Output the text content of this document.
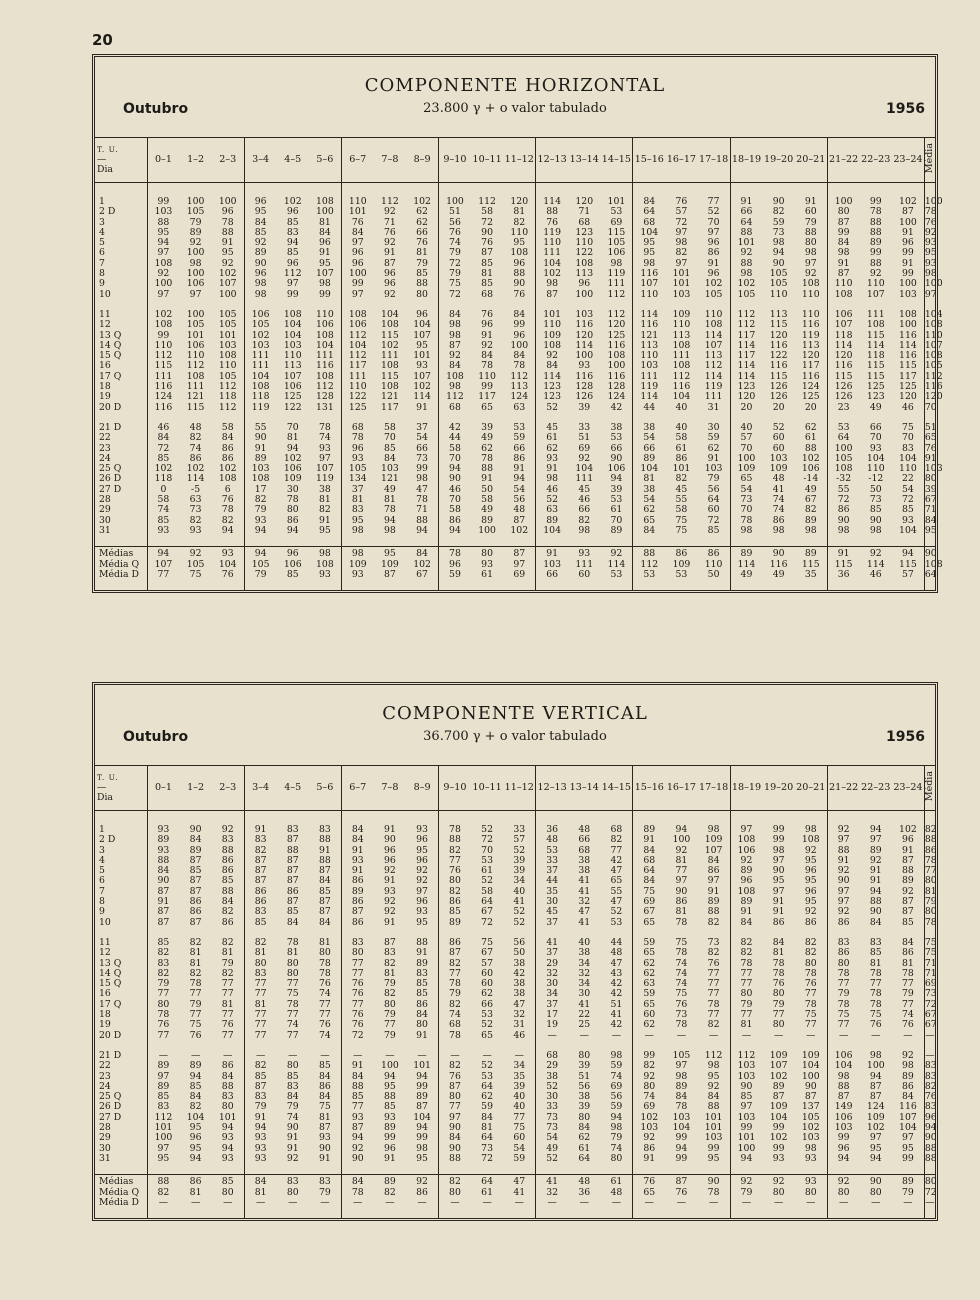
20
COMPONENTE HORIZONTAL
Outubro	23.800 γ + o valor tabulado	1956
T. U.
—
Dia	0–1	1–2	2–3	3–4	4–5	5–6	6–7	7–8	8–9	9–10	10–11	11–12	12–13	13–14	14–15	15–16	16–17	17–18	18–19	19–20	20–21	21–22	22–23	23–24	Média

1	99	100	100	96	102	108	110	112	102	100	112	120	114	120	101	84	76	77	91	90	91	100	99	102	100
2 D	103	105	96	95	96	100	101	92	62	51	58	81	88	71	53	64	57	52	66	82	60	80	78	87	78
3	88	79	78	84	85	81	76	71	62	56	72	82	76	68	69	68	72	70	64	59	79	87	88	100	76
4	95	89	88	85	83	84	84	76	66	76	90	110	119	123	115	104	97	97	88	73	88	99	88	91	92
5	94	92	91	92	94	96	97	92	76	74	76	95	110	110	105	95	98	96	101	98	80	84	89	96	93
6	97	100	95	89	85	91	96	91	81	79	87	108	111	122	106	95	82	86	92	94	98	98	99	99	95
7	108	98	92	90	96	95	96	87	79	72	85	96	104	108	98	98	97	91	88	90	97	91	88	91	93
8	92	100	102	96	112	107	100	96	85	79	81	88	102	113	119	116	101	96	98	105	92	87	92	99	98
9	100	106	107	98	97	98	99	96	88	75	85	90	98	96	111	107	101	102	102	105	108	110	110	100	100
10	97	97	100	98	99	99	97	92	80	72	68	76	87	100	112	110	103	105	105	110	110	108	107	103	97

11	102	100	105	106	108	110	108	104	96	84	76	84	101	103	112	114	109	110	112	113	110	106	111	108	104
12	108	105	105	105	104	106	106	108	104	98	96	99	110	116	120	116	110	108	112	115	116	107	108	100	108
13 Q	99	101	101	102	104	108	112	115	107	98	91	96	109	120	125	121	113	114	117	120	119	118	115	116	110
14 Q	110	106	103	103	103	104	104	102	95	87	92	100	108	114	116	113	108	107	114	116	113	114	114	114	107
15 Q	112	110	108	111	110	111	112	111	101	92	84	84	92	100	108	110	111	113	117	122	120	120	118	116	108
16	115	112	110	111	113	116	117	108	93	84	78	78	84	93	100	103	108	112	114	116	117	116	115	115	105
17 Q	111	108	105	104	107	108	111	115	107	108	110	112	114	116	116	111	112	114	114	115	116	115	115	117	112
18	116	111	112	108	106	112	110	108	102	98	99	113	123	128	128	119	116	119	123	126	124	126	125	125	116
19	124	121	118	118	125	128	122	121	114	112	117	124	123	126	124	114	104	111	120	126	125	126	123	120	120
20 D	116	115	112	119	122	131	125	117	91	68	65	63	52	39	42	44	40	31	20	20	20	23	49	46	70

21 D	46	48	58	55	70	78	68	58	37	42	39	53	45	33	38	38	40	30	40	52	62	53	66	75	51
22	84	82	84	90	81	74	78	70	54	44	49	59	61	51	53	54	58	59	57	60	61	64	70	70	65
23	72	74	86	91	94	93	96	85	66	58	62	66	62	69	66	66	61	62	70	60	88	100	93	83	76
24	85	86	86	89	102	97	93	84	73	70	78	86	93	92	90	89	86	91	100	103	102	105	104	104	91
25 Q	102	102	102	103	106	107	105	103	99	94	88	91	91	104	106	104	101	103	109	109	106	108	110	110	103
26 D	118	114	108	108	109	119	134	121	98	90	91	94	98	111	94	81	82	79	65	48	-14	-32	-12	22	80
27 D	0	-5	6	17	30	38	37	49	47	46	50	54	46	45	39	38	45	56	54	41	49	55	50	54	39
28	58	63	76	82	78	81	81	81	78	70	58	56	52	46	53	54	55	64	73	74	67	72	73	72	67
29	74	73	78	79	80	82	83	78	71	58	49	48	63	66	61	62	58	60	70	74	82	86	85	85	71
30	85	82	82	93	86	91	95	94	88	86	89	87	89	82	70	65	75	72	78	86	89	90	90	93	84
31	93	93	94	94	94	95	98	98	94	94	100	102	104	98	89	84	75	85	98	98	98	98	98	104	95

Médias	94	92	93	94	96	98	98	95	84	78	80	87	91	93	92	88	86	86	89	90	89	91	92	94	90
Média Q	107	105	104	105	106	108	109	109	102	96	93	97	103	111	114	112	109	110	114	116	115	115	114	115	108
Média D	77	75	76	79	85	93	93	87	67	59	61	69	66	60	53	53	53	50	49	49	35	36	46	57	64

COMPONENTE VERTICAL
Outubro	36.700 γ + o valor tabulado	1956
T. U.
—
Dia	0–1	1–2	2–3	3–4	4–5	5–6	6–7	7–8	8–9	9–10	10–11	11–12	12–13	13–14	14–15	15–16	16–17	17–18	18–19	19–20	20–21	21–22	22–23	23–24	Média

1	93	90	92	91	83	83	84	91	93	78	52	33	36	48	68	89	94	98	97	99	98	92	94	102	82
2 D	89	84	83	83	87	88	84	90	96	88	72	57	48	66	82	91	100	109	108	99	108	97	97	96	88
3	93	89	88	82	88	91	91	96	95	82	70	52	53	68	77	84	92	107	106	98	92	88	89	91	86
4	88	87	86	87	87	88	93	96	96	77	53	39	33	38	42	68	81	84	92	97	95	91	92	87	78
5	84	85	86	87	87	87	91	92	92	76	61	39	37	38	47	64	77	86	89	90	96	92	91	88	77
6	90	87	85	87	87	84	86	91	92	80	52	34	44	41	65	84	97	97	96	95	95	90	91	89	80
7	87	87	88	86	86	85	89	93	97	82	58	40	35	41	55	75	90	91	108	97	96	97	94	92	81
8	91	86	84	86	87	87	86	92	96	86	64	41	30	32	47	69	86	89	89	91	95	97	88	87	79
9	87	86	82	83	85	87	87	92	93	85	67	52	45	47	52	67	81	88	91	91	92	92	90	87	80
10	87	87	86	85	84	84	86	91	95	89	72	52	37	41	53	65	78	82	84	86	86	86	84	85	78

11	85	82	82	82	78	81	83	87	88	86	75	56	41	40	44	59	75	73	82	84	82	83	83	84	75
12	82	81	81	81	81	80	80	83	91	87	67	50	37	38	48	65	78	82	82	81	82	86	85	86	75
13 Q	83	81	79	80	80	78	77	82	89	82	57	38	29	34	47	62	74	76	78	78	80	80	81	81	71
14 Q	82	82	82	83	80	78	77	81	83	77	60	42	32	32	43	62	74	77	77	78	78	78	78	78	71
15 Q	79	78	77	77	77	76	76	79	85	78	60	38	30	34	42	63	74	77	77	76	76	77	77	77	69
16	77	77	77	77	75	74	76	82	85	79	62	38	34	30	42	59	75	77	80	80	77	79	78	79	73
17 Q	80	79	81	81	78	77	77	80	86	82	66	47	37	41	51	65	76	78	79	79	78	78	78	77	72
18	78	77	77	77	77	77	76	79	84	74	53	32	17	22	41	60	73	77	77	77	75	75	75	74	67
19	76	75	76	77	74	76	76	77	80	68	52	31	19	25	42	62	78	82	81	80	77	77	76	76	67
20 D	77	76	77	77	77	74	72	79	91	78	65	46	—	—	—	—	—	—	—	—	—	—	—	—	—

21 D	—	—	—	—	—	—	—	—	—	—	—	—	68	80	98	99	105	112	112	109	109	106	98	92	—
22	89	89	86	82	80	85	91	100	101	82	52	34	29	39	59	82	97	98	103	107	104	104	100	98	83
23	97	94	84	85	85	84	84	94	94	76	53	35	38	51	74	92	98	95	103	102	100	98	94	89	83
24	89	85	88	87	83	86	88	95	99	87	64	39	52	56	69	80	89	92	90	89	90	88	87	86	82
25 Q	85	84	83	83	84	84	85	88	89	80	62	40	30	38	56	74	84	84	85	87	87	87	87	84	76
26 D	83	82	80	79	79	75	77	85	87	77	59	40	33	39	59	69	78	88	97	109	137	149	124	116	83
27 D	112	104	101	91	74	81	93	93	104	97	84	77	73	80	94	102	103	101	103	104	105	106	109	107	96
28	101	95	94	94	90	87	87	89	94	90	81	75	73	84	98	103	104	101	99	99	102	103	102	104	94
29	100	96	93	93	91	93	94	99	99	84	64	60	54	62	79	92	99	103	101	102	103	99	97	97	90
30	97	95	94	93	91	90	92	96	98	90	73	54	49	61	74	86	94	99	100	99	98	96	95	95	88
31	95	94	93	93	92	91	90	91	95	88	72	59	52	64	80	91	99	95	94	93	93	94	94	99	88

Médias	88	86	85	84	83	83	84	89	92	82	64	47	41	48	61	76	87	90	92	92	93	92	90	89	80
Média Q	82	81	80	81	80	79	78	82	86	80	61	41	32	36	48	65	76	78	79	80	80	80	80	79	72
Média D	—	—	—	—	—	—	—	—	—	—	—	—	—	—	—	—	—	—	—	—	—	—	—	—	—
